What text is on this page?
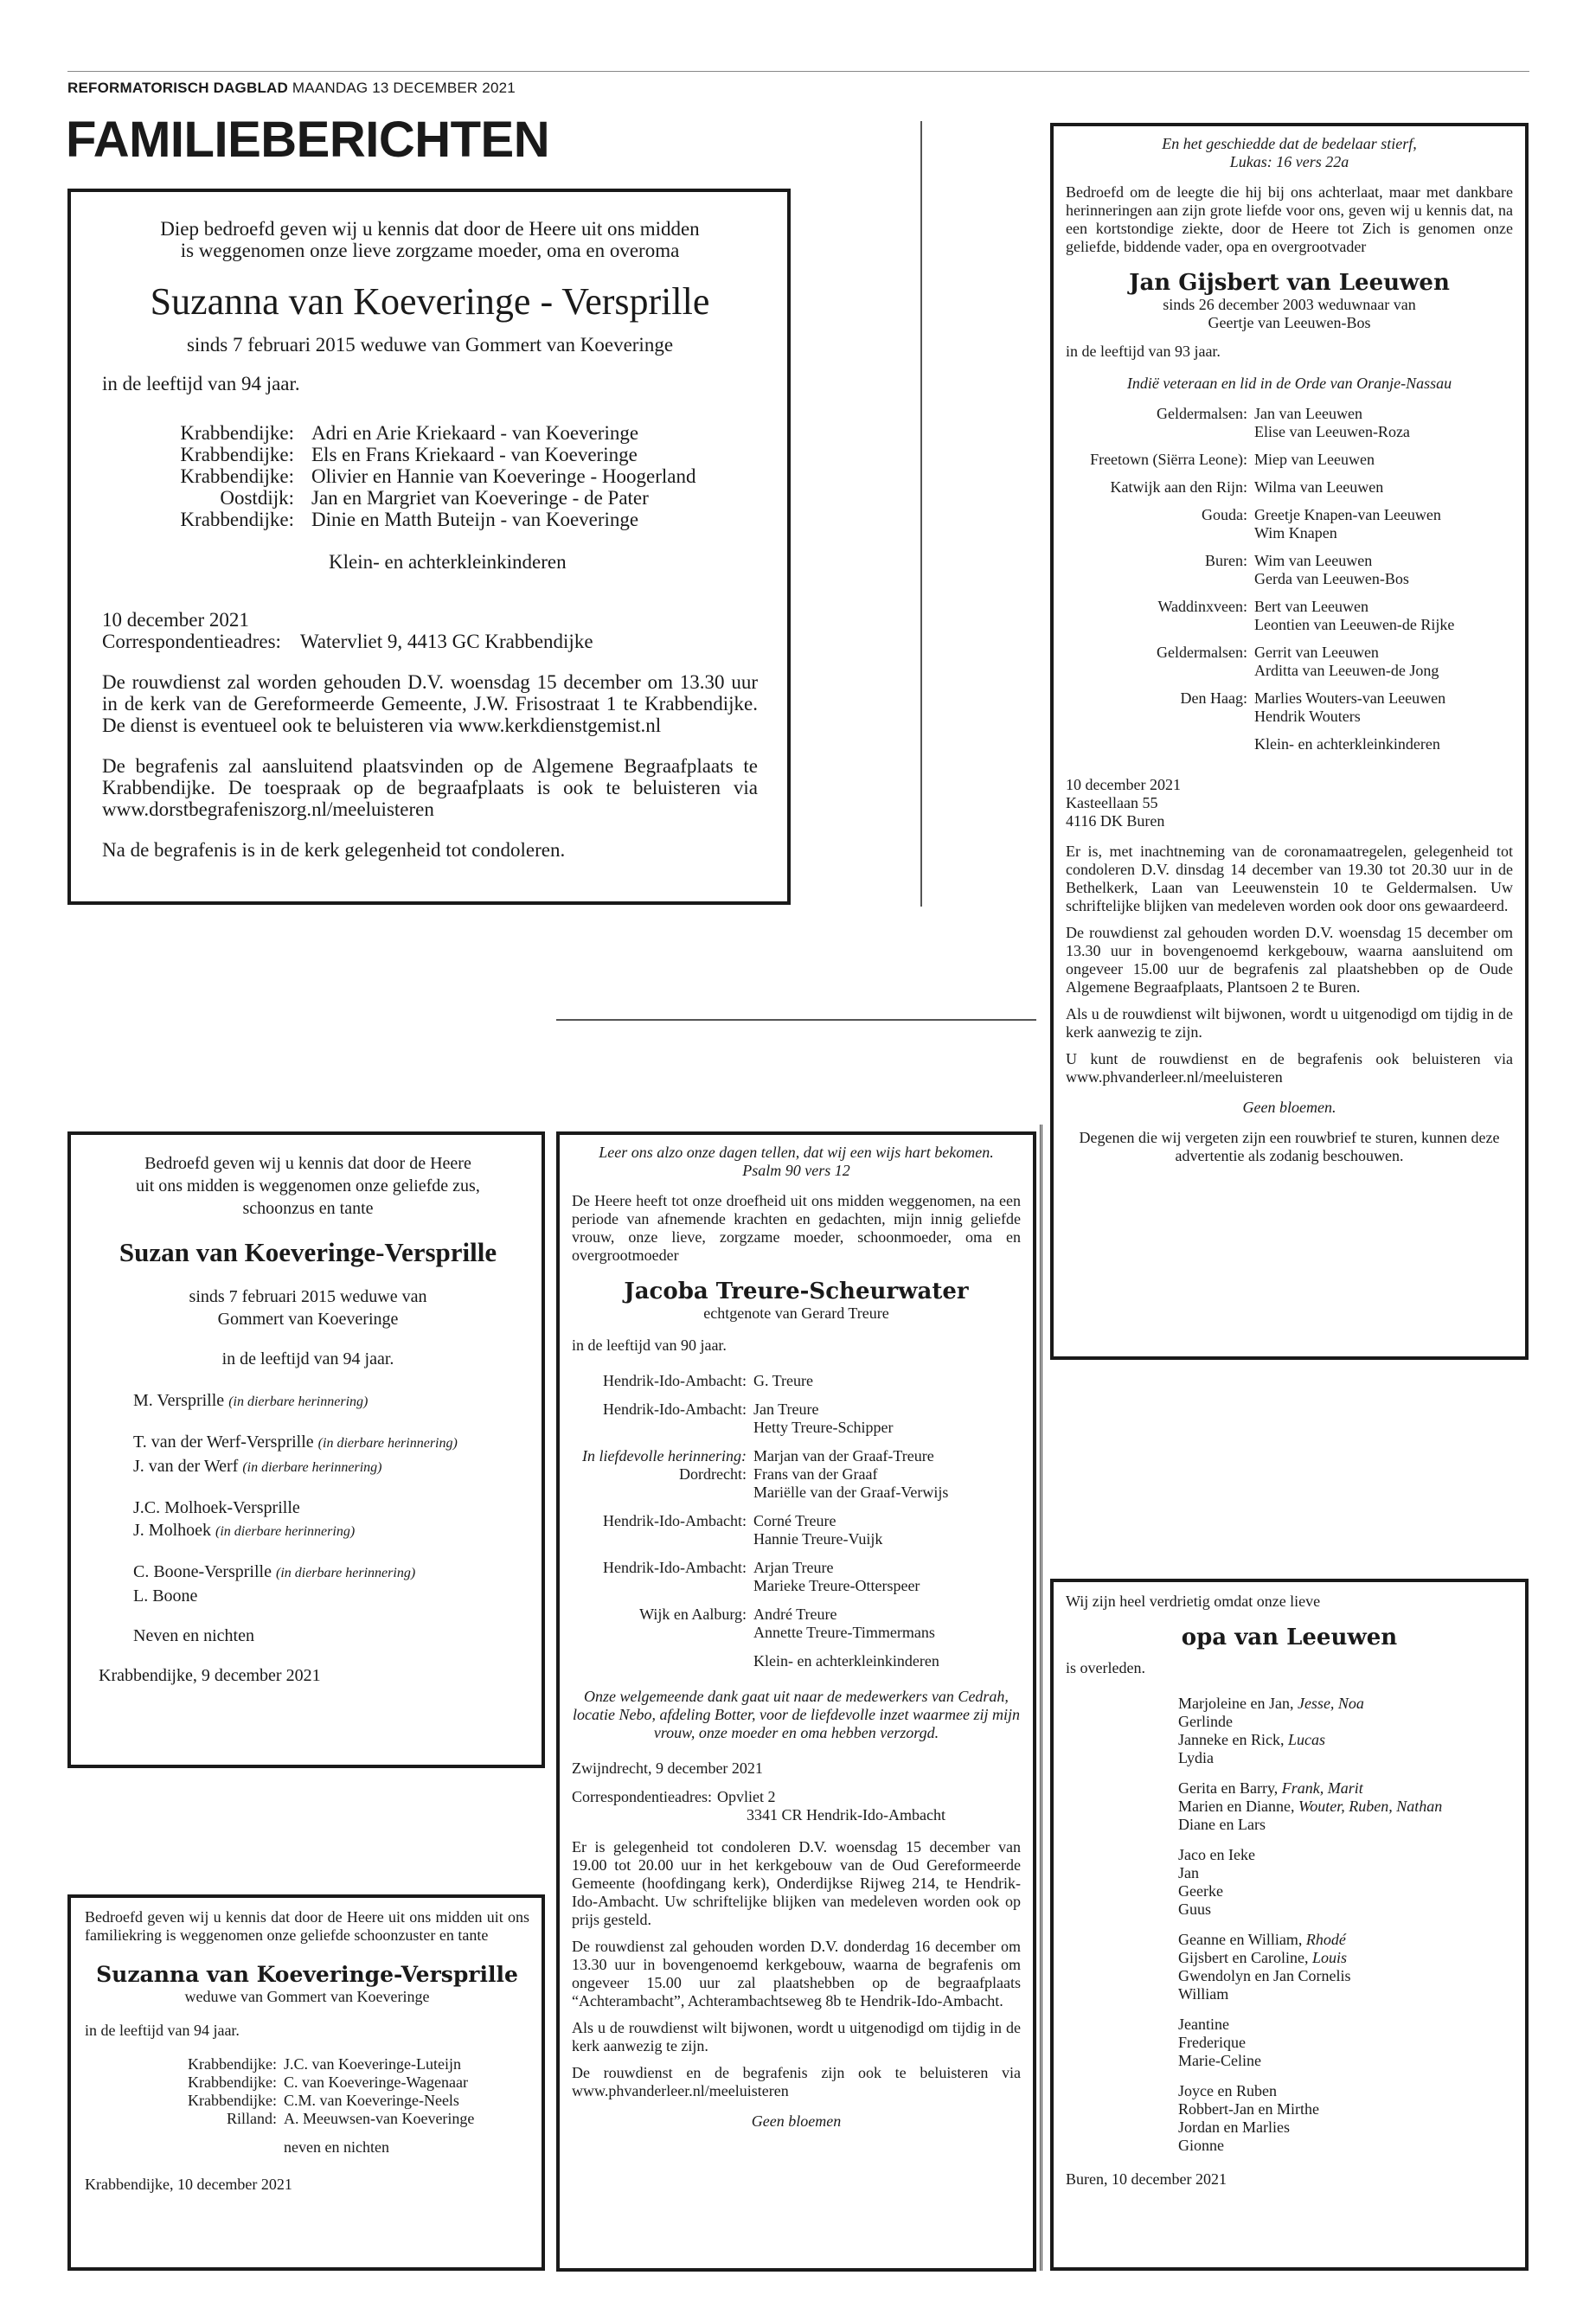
REFORMATORISCH DAGBLAD MAANDAG 13 DECEMBER 2021
FAMILIEBERICHTEN

Diep bedroefd geven wij u kennis dat door de Heere uit ons midden

is weggenomen onze lieve zorgzame moeder, oma en overoma

Suzanna van Koeveringe - Versprille

sinds 7 februari 2015 weduwe van Gommert van Koeveringe

in de leeftijd van 94 jaar.

Krabbendijke: Adri en Arie Kriekaard - van Koeveringe
Krabbendijke: Els en Frans Kriekaard - van Koeveringe
Krabbendijke: Olivier en Hannie van Koeveringe - Hoogerland
Oostdijk: Jan en Margriet van Koeveringe - de Pater
Krabbendijke: Dinie en Matth Buteijn - van Koeveringe

Klein- en achterkleinkinderen

10 december 2021

Correspondentieadres: Watervliet 9, 4413 GC Krabbendijke

De rouwdienst zal worden gehouden D.V. woensdag 15 december om 13.30 uur in de kerk van de Gereformeerde Gemeente, J.W. Frisostraat 1 te Krabbendijke. De dienst is eventueel ook te beluisteren via www.kerkdienstgemist.nl

De begrafenis zal aansluitend plaatsvinden op de Algemene Begraafplaats te Krabbendijke. De toespraak op de begraafplaats is ook te beluisteren via www.dorstbegrafeniszorg.nl/meeluisteren

Na de begrafenis is in de kerk gelegenheid tot condoleren.

En het geschiedde dat de bedelaar stierf,

Lukas: 16 vers 22a

Bedroefd om de leegte die hij bij ons achterlaat, maar met dankbare herinneringen aan zijn grote liefde voor ons, geven wij u kennis dat, na een kortstondige ziekte, door de Heere tot Zich is genomen onze geliefde, biddende vader, opa en overgrootvader

Jan Gijsbert van Leeuwen

sinds 26 december 2003 weduwnaar van

Geertje van Leeuwen-Bos

in de leeftijd van 93 jaar.

Indië veteraan en lid in de Orde van Oranje-Nassau

Geldermalsen: Jan van Leeuwen
Elise van Leeuwen-Roza
Freetown (Siërra Leone): Miep van Leeuwen
Katwijk aan den Rijn: Wilma van Leeuwen
Gouda: Greetje Knapen-van Leeuwen
Wim Knapen
Buren: Wim van Leeuwen
Gerda van Leeuwen-Bos
Waddinxveen: Bert van Leeuwen
Leontien van Leeuwen-de Rijke
Geldermalsen: Gerrit van Leeuwen
Arditta van Leeuwen-de Jong
Den Haag: Marlies Wouters-van Leeuwen
Hendrik Wouters

Klein- en achterkleinkinderen

10 december 2021

Kasteellaan 55

4116 DK Buren

Er is, met inachtneming van de coronamaatregelen, gelegenheid tot condoleren D.V. dinsdag 14 december van 19.30 tot 20.30 uur in de Bethelkerk, Laan van Leeuwenstein 10 te Geldermalsen. Uw schriftelijke blijken van medeleven worden ook door ons gewaardeerd.

De rouwdienst zal gehouden worden D.V. woensdag 15 december om 13.30 uur in bovengenoemd kerkgebouw, waarna aansluitend om ongeveer 15.00 uur de begrafenis zal plaatshebben op de Oude Algemene Begraafplaats, Plantsoen 2 te Buren.

Als u de rouwdienst wilt bijwonen, wordt u uitgenodigd om tijdig in de kerk aanwezig te zijn.

U kunt de rouwdienst en de begrafenis ook beluisteren via www.phvanderleer.nl/meeluisteren

Geen bloemen.

Degenen die wij vergeten zijn een rouwbrief te sturen, kunnen deze advertentie als zodanig beschouwen.

Bedroefd geven wij u kennis dat door de Heere

uit ons midden is weggenomen onze geliefde zus,

schoonzus en tante

Suzan van Koeveringe-Versprille

sinds 7 februari 2015 weduwe van

Gommert van Koeveringe

in de leeftijd van 94 jaar.

M. Versprille (in dierbare herinnering)

T. van der Werf-Versprille (in dierbare herinnering)

J. van der Werf (in dierbare herinnering)

J.C. Molhoek-Versprille

J. Molhoek (in dierbare herinnering)

C. Boone-Versprille (in dierbare herinnering)

L. Boone

Neven en nichten

Krabbendijke, 9 december 2021

Leer ons alzo onze dagen tellen, dat wij een wijs hart bekomen.

Psalm 90 vers 12

De Heere heeft tot onze droefheid uit ons midden weggenomen, na een periode van afnemende krachten en gedachten, mijn innig geliefde vrouw, onze lieve, zorgzame moeder, schoonmoeder, oma en overgrootmoeder

Jacoba Treure-Scheurwater

echtgenote van Gerard Treure

in de leeftijd van 90 jaar.

Hendrik-Ido-Ambacht: G. Treure
Hendrik-Ido-Ambacht: Jan Treure
Hetty Treure-Schipper
In liefdevolle herinnering:
Dordrecht:
Marjan van der Graaf-Treure
Frans van der Graaf
Mariëlle van der Graaf-Verwijs
Hendrik-Ido-Ambacht: Corné Treure
Hannie Treure-Vuijk
Hendrik-Ido-Ambacht: Arjan Treure
Marieke Treure-Otterspeer
Wijk en Aalburg: André Treure
Annette Treure-Timmermans

Klein- en achterkleinkinderen

Onze welgemeende dank gaat uit naar de medewerkers van Cedrah, locatie Nebo, afdeling Botter, voor de liefdevolle inzet waarmee zij mijn vrouw, onze moeder en oma hebben verzorgd.

Zwijndrecht, 9 december 2021

Correspondentieadres: Opvliet 2

3341 CR Hendrik-Ido-Ambacht

Er is gelegenheid tot condoleren D.V. woensdag 15 december van 19.00 tot 20.00 uur in het kerkgebouw van de Oud Gereformeerde Gemeente (hoofdingang kerk), Onderdijkse Rijweg 214, te Hendrik-Ido-Ambacht. Uw schriftelijke blijken van medeleven worden ook op prijs gesteld.

De rouwdienst zal gehouden worden D.V. donderdag 16 december om 13.30 uur in bovengenoemd kerkgebouw, waarna de begrafenis om ongeveer 15.00 uur zal plaatshebben op de begraafplaats “Achterambacht”, Achterambachtseweg 8b te Hendrik-Ido-Ambacht.

Als u de rouwdienst wilt bijwonen, wordt u uitgenodigd om tijdig in de kerk aanwezig te zijn.

De rouwdienst en de begrafenis zijn ook te beluisteren via www.phvanderleer.nl/meeluisteren

Geen bloemen

Wij zijn heel verdrietig omdat onze lieve

opa van Leeuwen

is overleden.

Marjoleine en Jan, Jesse, Noa

Gerlinde

Janneke en Rick, Lucas

Lydia

Gerita en Barry, Frank, Marit

Marien en Dianne, Wouter, Ruben, Nathan

Diane en Lars

Jaco en Ieke

Jan

Geerke

Guus

Geanne en William, Rhodé

Gijsbert en Caroline, Louis

Gwendolyn en Jan Cornelis

William

Jeantine

Frederique

Marie-Celine

Joyce en Ruben

Robbert-Jan en Mirthe

Jordan en Marlies

Gionne

Buren, 10 december 2021

Bedroefd geven wij u kennis dat door de Heere uit ons midden uit ons familiekring is weggenomen onze geliefde schoonzuster en tante

Suzanna van Koeveringe-Versprille

weduwe van Gommert van Koeveringe

in de leeftijd van 94 jaar.

Krabbendijke: J.C. van Koeveringe-Luteijn
Krabbendijke: C. van Koeveringe-Wagenaar
Krabbendijke: C.M. van Koeveringe-Neels
Rilland: A. Meeuwsen-van Koeveringe

neven en nichten

Krabbendijke, 10 december 2021
